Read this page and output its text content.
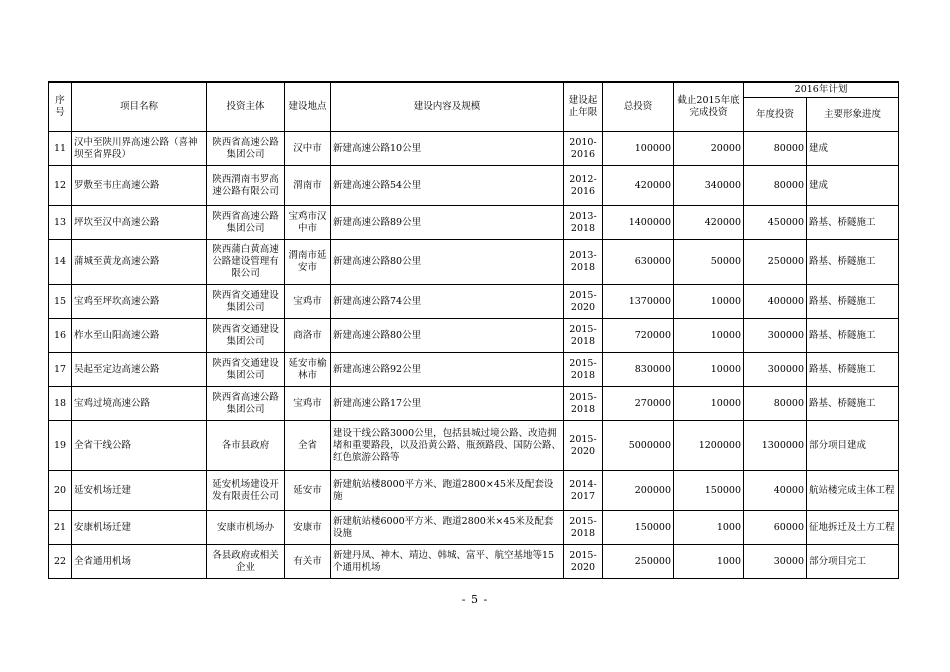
序号	项目名称	投资主体	建设地点	建设内容及规模	建设起止年限	总投资	截止2015年底完成投资	2016年计划	
								年度投资	主要形象进度
11	汉中至陕川界高速公路（喜神坝至省界段）	陕西省高速公路集团公司	汉中市	新建高速公路10公里	2010-2016	100000	20000	80000	建成
12	罗敷至韦庄高速公路	陕西渭南韦罗高速公路有限公司	渭南市	新建高速公路54公里	2012-2016	420000	340000	80000	建成
13	坪坎至汉中高速公路	陕西省高速公路集团公司	宝鸡市汉中市	新建高速公路89公里	2013-2018	1400000	420000	450000	路基、桥隧施工
14	蒲城至黄龙高速公路	陕西蒲白黄高速公路建设管理有限公司	渭南市延安市	新建高速公路80公里	2013-2018	630000	50000	250000	路基、桥隧施工
15	宝鸡至坪坎高速公路	陕西省交通建设集团公司	宝鸡市	新建高速公路74公里	2015-2020	1370000	10000	400000	路基、桥隧施工
16	柞水至山阳高速公路	陕西省交通建设集团公司	商洛市	新建高速公路80公里	2015-2018	720000	10000	300000	路基、桥隧施工
17	吴起至定边高速公路	陕西省交通建设集团公司	延安市榆林市	新建高速公路92公里	2015-2018	830000	10000	300000	路基、桥隧施工
18	宝鸡过境高速公路	陕西省高速公路集团公司	宝鸡市	新建高速公路17公里	2015-2018	270000	10000	80000	路基、桥隧施工
19	全省干线公路	各市县政府	全省	建设干线公路3000公里，包括县城过境公路、改造拥堵和重要路段，以及沿黄公路、瓶颈路段、国防公路、红色旅游公路等	2015-2020	5000000	1200000	1300000	部分项目建成
20	延安机场迁建	延安机场建设开发有限责任公司	延安市	新建航站楼8000平方米、跑道2800×45米及配套设施	2014-2017	200000	150000	40000	航站楼完成主体工程
21	安康机场迁建	安康市机场办	安康市	新建航站楼6000平方米、跑道2800米×45米及配套设施	2015-2018	150000	1000	60000	征地拆迁及土方工程
22	全省通用机场	各县政府或相关企业	有关市	新建丹凤、神木、靖边、韩城、富平、航空基地等15个通用机场	2015-2020	250000	1000	30000	部分项目完工
- 5 -
